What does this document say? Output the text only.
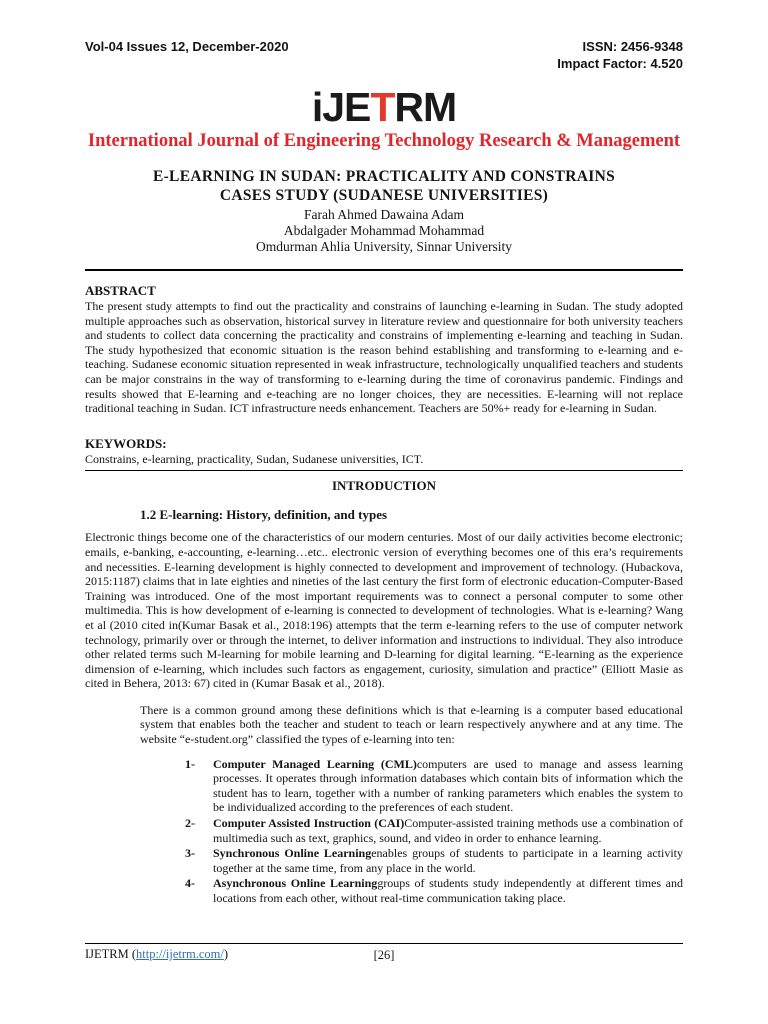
Vol-04 Issues 12, December-2020	ISSN: 2456-9348
Impact Factor: 4.520
iJETRM
International Journal of Engineering Technology Research & Management
E-LEARNING IN SUDAN: PRACTICALITY AND CONSTRAINS
CASES STUDY (SUDANESE UNIVERSITIES)
Farah Ahmed Dawaina Adam
Abdalgader Mohammad Mohammad
Omdurman Ahlia University, Sinnar University
ABSTRACT

The present study attempts to find out the practicality and constrains of launching e-learning in Sudan. The study adopted multiple approaches such as observation, historical survey in literature review and questionnaire for both university teachers and students to collect data concerning the practicality and constrains of implementing e-learning and teaching in Sudan. The study hypothesized that economic situation is the reason behind establishing and transforming to e-learning and e-teaching. Sudanese economic situation represented in weak infrastructure, technologically unqualified teachers and students can be major constrains in the way of transforming to e-learning during the time of coronavirus pandemic. Findings and results showed that E-learning and e-teaching are no longer choices, they are necessities. E-learning will not replace traditional teaching in Sudan. ICT infrastructure needs enhancement. Teachers are 50%+ ready for e-learning in Sudan.

KEYWORDS:

Constrains, e-learning, practicality, Sudan, Sudanese universities, ICT.

INTRODUCTION
1.2 E-learning: History, definition, and types

Electronic things become one of the characteristics of our modern centuries. Most of our daily activities become electronic; emails, e-banking, e-accounting, e-learning…etc.. electronic version of everything becomes one of this era’s requirements and necessities. E-learning development is highly connected to development and improvement of technology. (Hubackova, 2015:1187) claims that in late eighties and nineties of the last century the first form of electronic education-Computer-Based Training was introduced. One of the most important requirements was to connect a personal computer to some other multimedia. This is how development of e-learning is connected to development of technologies. What is e-learning? Wang et al (2010 cited in(Kumar Basak et al., 2018:196) attempts that the term e-learning refers to the use of computer network technology, primarily over or through the internet, to deliver information and instructions to individual. They also introduce other related terms such M-learning for mobile learning and D-learning for digital learning. “E-learning as the experience dimension of e-learning, which includes such factors as engagement, curiosity, simulation and practice” (Elliott Masie as cited in Behera, 2013: 67) cited in (Kumar Basak et al., 2018).

There is a common ground among these definitions which is that e-learning is a computer based educational system that enables both the teacher and student to teach or learn respectively anywhere and at any time. The website “e-student.org” classified the types of e-learning into ten:

1-	Computer Managed Learning (CML)computers are used to manage and assess learning processes. It operates through information databases which contain bits of information which the student has to learn, together with a number of ranking parameters which enables the system to be individualized according to the preferences of each student.
2-	Computer Assisted Instruction (CAI)Computer-assisted training methods use a combination of multimedia such as text, graphics, sound, and video in order to enhance learning.
3-	Synchronous Online Learningenables groups of students to participate in a learning activity together at the same time, from any place in the world.
4-	Asynchronous Online Learninggroups of students study independently at different times and locations from each other, without real-time communication taking place.
IJETRM (http://ijetrm.com/)	[26]
